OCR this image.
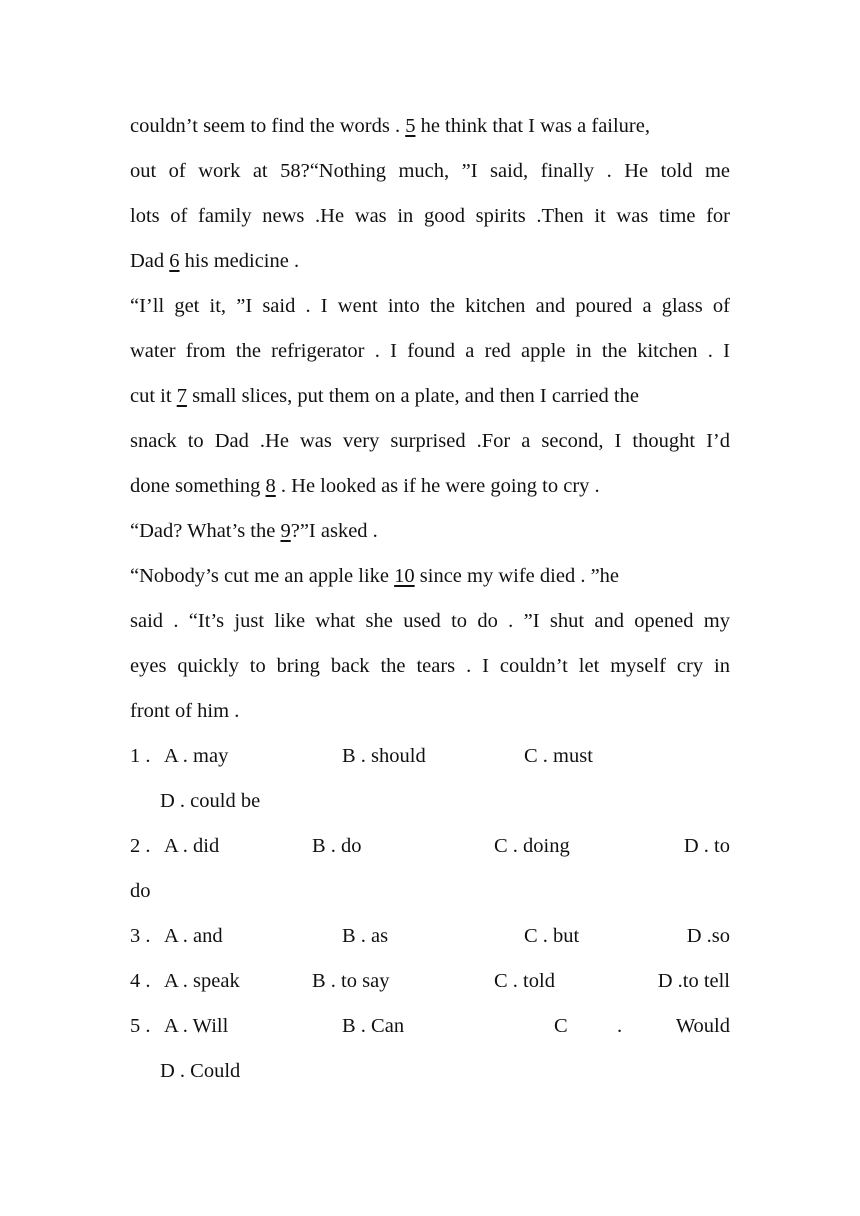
couldn’t seem to find the words . 5 he think that I was a failure,
out of work at 58?“Nothing much, ”I said, finally . He told me
lots of family news .He was in good spirits .Then it was time for
Dad 6 his medicine .
“I’ll get it, ”I said . I went into the kitchen and poured a glass of
water from the refrigerator . I found a red apple in the kitchen . I
cut it 7 small slices, put them on a plate, and then I carried the
snack to Dad .He was very surprised .For a second, I thought I’d
done something 8 . He looked as if he were going to cry .
“Dad? What’s the 9?”I asked .
“Nobody’s cut me an apple like 10 since my wife died . ”he
said . “It’s just like what she used to do . ”I shut and opened my
eyes quickly to bring back the tears . I couldn’t let myself cry in
front of him .
1 . A . may	B . should	C . must
D . could be
2 . A . did	B . do	C . doing	D . to
do
3 . A . and	B . as	C . but	D .so
4 . A . speak	B . to say	C . told	D .to tell
5 . A . Will	B . Can	C .	Would
D . Could
